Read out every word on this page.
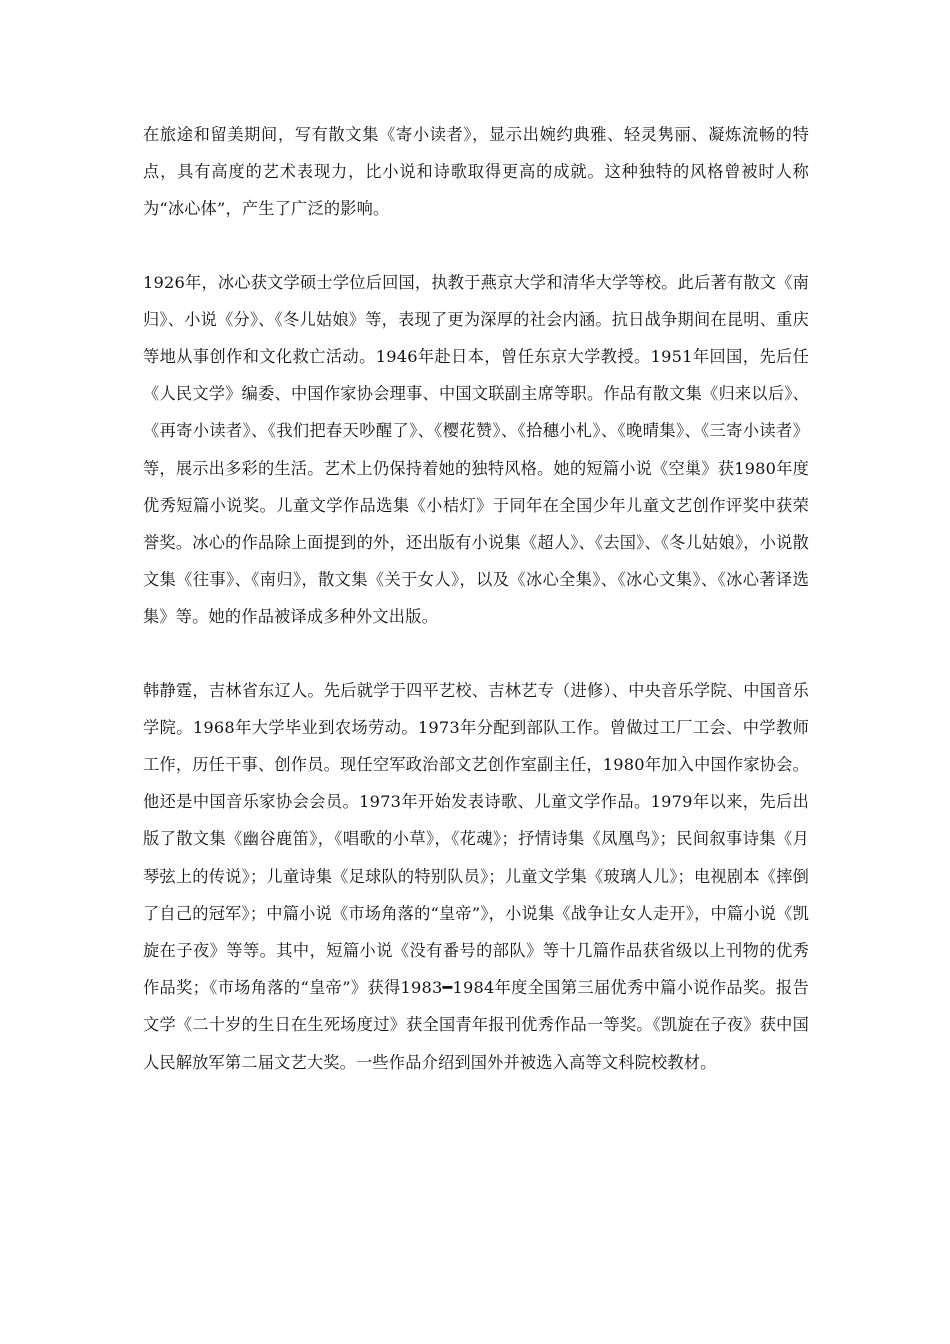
在旅途和留美期间，写有散文集《寄小读者》，显示出婉约典雅、轻灵隽丽、凝炼流畅的特点，具有高度的艺术表现力，比小说和诗歌取得更高的成就。这种独特的风格曾被时人称为“冰心体”，产生了广泛的影响。

1926年，冰心获文学硕士学位后回国，执教于燕京大学和清华大学等校。此后著有散文《南归》、小说《分》、《冬儿姑娘》等，表现了更为深厚的社会内涵。抗日战争期间在昆明、重庆等地从事创作和文化救亡活动。1946年赴日本，曾任东京大学教授。1951年回国，先后任《人民文学》编委、中国作家协会理事、中国文联副主席等职。作品有散文集《归来以后》、《再寄小读者》、《我们把春天吵醒了》、《樱花赞》、《拾穗小札》、《晚晴集》、《三寄小读者》等，展示出多彩的生活。艺术上仍保持着她的独特风格。她的短篇小说《空巢》获1980年度优秀短篇小说奖。儿童文学作品选集《小桔灯》于同年在全国少年儿童文艺创作评奖中获荣誉奖。冰心的作品除上面提到的外，还出版有小说集《超人》、《去国》、《冬儿姑娘》，小说散文集《往事》、《南归》，散文集《关于女人》，以及《冰心全集》、《冰心文集》、《冰心著译选集》等。她的作品被译成多种外文出版。

韩静霆，吉林省东辽人。先后就学于四平艺校、吉林艺专（进修）、中央音乐学院、中国音乐学院。1968年大学毕业到农场劳动。1973年分配到部队工作。曾做过工厂工会、中学教师工作，历任干事、创作员。现任空军政治部文艺创作室副主任，1980年加入中国作家协会。他还是中国音乐家协会会员。1973年开始发表诗歌、儿童文学作品。1979年以来，先后出版了散文集《幽谷鹿笛》，《唱歌的小草》，《花魂》；抒情诗集《凤凰鸟》；民间叙事诗集《月琴弦上的传说》；儿童诗集《足球队的特别队员》；儿童文学集《玻璃人儿》；电视剧本《摔倒了自己的冠军》；中篇小说《市场角落的“皇帝”》，小说集《战争让女人走开》，中篇小说《凯旋在子夜》等等。其中，短篇小说《没有番号的部队》等十几篇作品获省级以上刊物的优秀作品奖；《市场角落的“皇帝”》获得1983━1984年度全国第三届优秀中篇小说作品奖。报告文学《二十岁的生日在生死场度过》获全国青年报刊优秀作品一等奖。《凯旋在子夜》获中国人民解放军第二届文艺大奖。一些作品介绍到国外并被选入高等文科院校教材。
